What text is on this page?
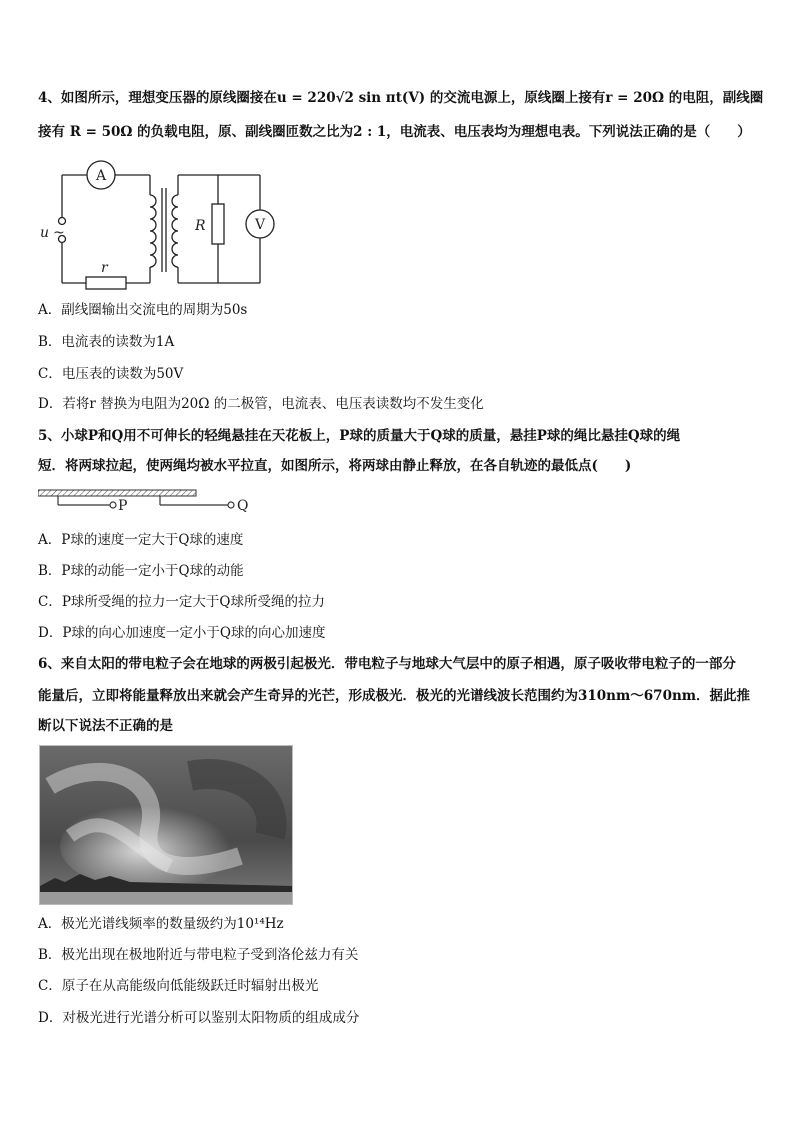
4、如图所示，理想变压器的原线圈接在u = 220√2 sin πt(V) 的交流电源上，原线圈上接有r = 20Ω 的电阻，副线圈
接有 R = 50Ω 的负载电阻，原、副线圈匝数之比为2 : 1，电流表、电压表均为理想电表。下列说法正确的是（　　）
A
V
u ~
r
R
A．副线圈输出交流电的周期为50s
B．电流表的读数为1A
C．电压表的读数为50V
D．若将r 替换为电阻为20Ω 的二极管，电流表、电压表读数均不发生变化
5、小球P和Q用不可伸长的轻绳悬挂在天花板上，P球的质量大于Q球的质量，悬挂P球的绳比悬挂Q球的绳
短．将两球拉起，使两绳均被水平拉直，如图所示，将两球由静止释放，在各自轨迹的最低点(　　)
P	Q
A．P球的速度一定大于Q球的速度
B．P球的动能一定小于Q球的动能
C．P球所受绳的拉力一定大于Q球所受绳的拉力
D．P球的向心加速度一定小于Q球的向心加速度
6、来自太阳的带电粒子会在地球的两极引起极光．带电粒子与地球大气层中的原子相遇，原子吸收带电粒子的一部分
能量后，立即将能量释放出来就会产生奇异的光芒，形成极光．极光的光谱线波长范围约为310nm～670nm．据此推
断以下说法不正确的是
A．极光光谱线频率的数量级约为10¹⁴Hz
B．极光出现在极地附近与带电粒子受到洛伦兹力有关
C．原子在从高能级向低能级跃迁时辐射出极光
D．对极光进行光谱分析可以鉴别太阳物质的组成成分
